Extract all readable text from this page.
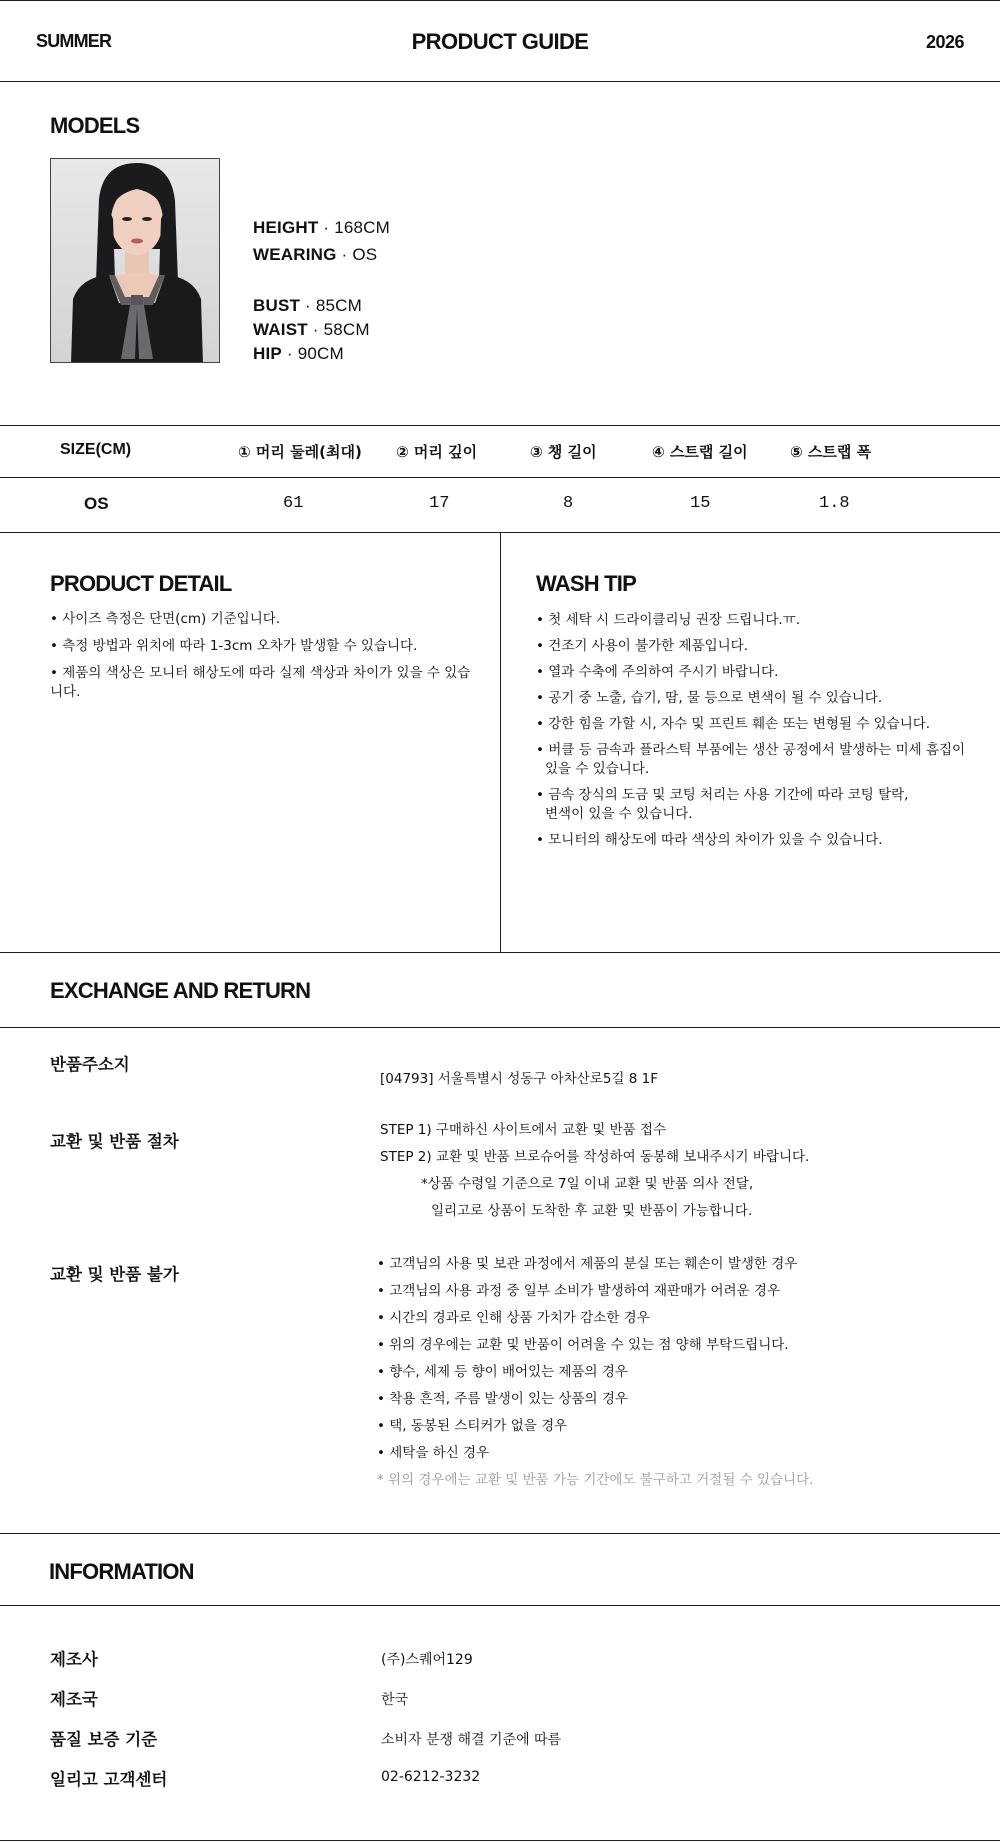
SUMMER	PRODUCT GUIDE	2026
MODELS
HEIGHT · 168CM
WEARING · OS
BUST · 85CM
WAIST · 58CM
HIP · 90CM
SIZE(CM)	① 머리 둘레(최대) ② 머리 깊이	③ 챙 길이	④ 스트랩 길이	⑤ 스트랩 폭
OS	61	17	8	15	1.8
PRODUCT DETAIL
• 사이즈 측정은 단면(cm) 기준입니다.
• 측정 방법과 위치에 따라 1-3cm 오차가 발생할 수 있습니다.
• 제품의 색상은 모니터 해상도에 따라 실제 색상과 차이가 있을 수 있습니다.
WASH TIP
• 첫 세탁 시 드라이클리닝 권장 드립니다.ㅠ.
• 건조기 사용이 불가한 제품입니다.
• 열과 수축에 주의하여 주시기 바랍니다.
• 공기 중 노출, 습기, 땀, 물 등으로 변색이 될 수 있습니다.
• 강한 힘을 가할 시, 자수 및 프린트 훼손 또는 변형될 수 있습니다.
• 버클 등 금속과 플라스틱 부품에는 생산 공정에서 발생하는 미세 흠집이
있을 수 있습니다.
• 금속 장식의 도금 및 코팅 처리는 사용 기간에 따라 코팅 탈락,
변색이 있을 수 있습니다.
• 모니터의 해상도에 따라 색상의 차이가 있을 수 있습니다.
EXCHANGE AND RETURN
반품주소지
[04793] 서울특별시 성동구 아차산로5길 8 1F
교환 및 반품 절차
STEP 1) 구매하신 사이트에서 교환 및 반품 접수
STEP 2) 교환 및 반품 브로슈어를 작성하여 동봉해 보내주시기 바랍니다.
*상품 수령일 기준으로 7일 이내 교환 및 반품 의사 전달,
일리고로 상품이 도착한 후 교환 및 반품이 가능합니다.
교환 및 반품 불가
• 고객님의 사용 및 보관 과정에서 제품의 분실 또는 훼손이 발생한 경우
• 고객님의 사용 과정 중 일부 소비가 발생하여 재판매가 어려운 경우
• 시간의 경과로 인해 상품 가치가 감소한 경우
• 위의 경우에는 교환 및 반품이 어려울 수 있는 점 양해 부탁드립니다.
• 향수, 세제 등 향이 배어있는 제품의 경우
• 착용 흔적, 주름 발생이 있는 상품의 경우
• 택, 동봉된 스티커가 없을 경우
• 세탁을 하신 경우
* 위의 경우에는 교환 및 반품 가능 기간에도 불구하고 거절될 수 있습니다.
INFORMATION
제조사	(주)스퀘어129
제조국	한국
품질 보증 기준	소비자 분쟁 해결 기준에 따름
일리고 고객센터	02-6212-3232
